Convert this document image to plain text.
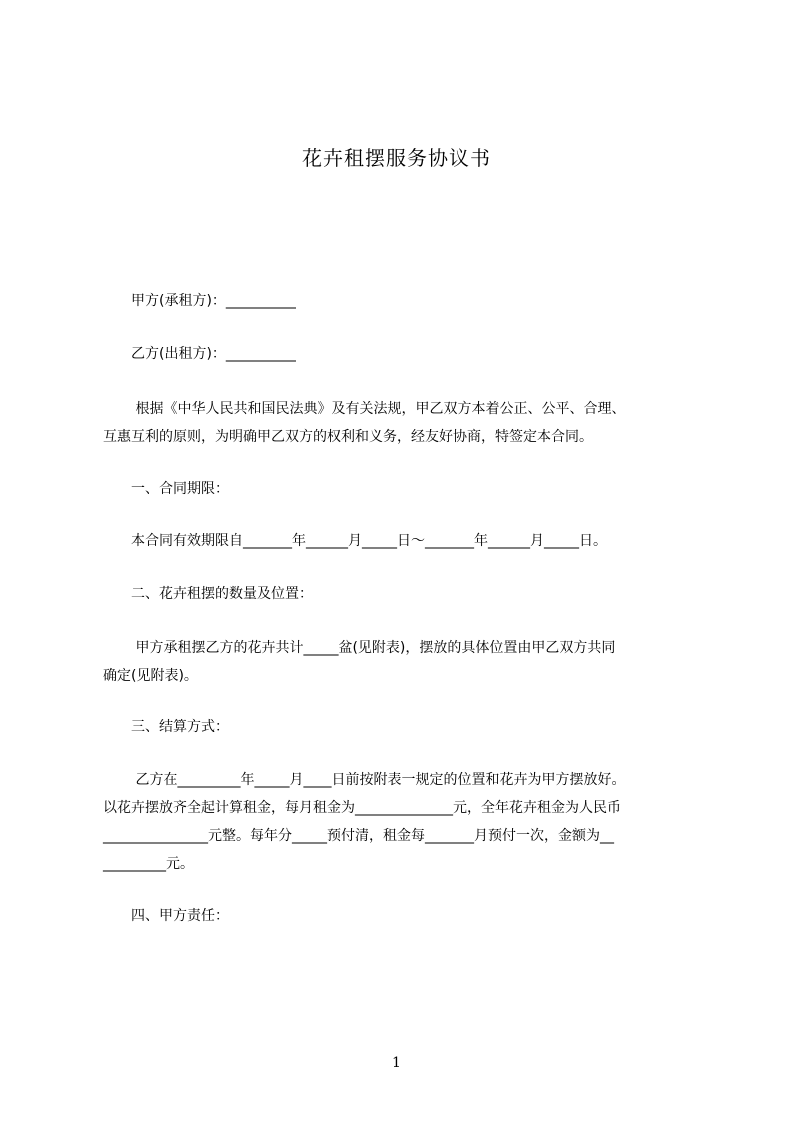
花卉租摆服务协议书
　　甲方(承租方)：__________
　　乙方(出租方)：__________
　　 根据《中华人民共和国民法典》及有关法规，甲乙双方本着公正、公平、合理、
互惠互利的原则，为明确甲乙双方的权利和义务，经友好协商，特签定本合同。
　　一、合同期限：
　　本合同有效期限自_______年______月_____日～_______年______月_____日。
　　二、花卉租摆的数量及位置：
　　 甲方承租摆乙方的花卉共计_____盆(见附表)，摆放的具体位置由甲乙双方共同
确定(见附表)。
　　三、结算方式：
　　 乙方在_________年_____月____日前按附表一规定的位置和花卉为甲方摆放好。
以花卉摆放齐全起计算租金，每月租金为______________元，全年花卉租金为人民币
_______________元整。每年分_____预付清，租金每_______月预付一次，金额为__
_________元。
　　四、甲方责任：
1
